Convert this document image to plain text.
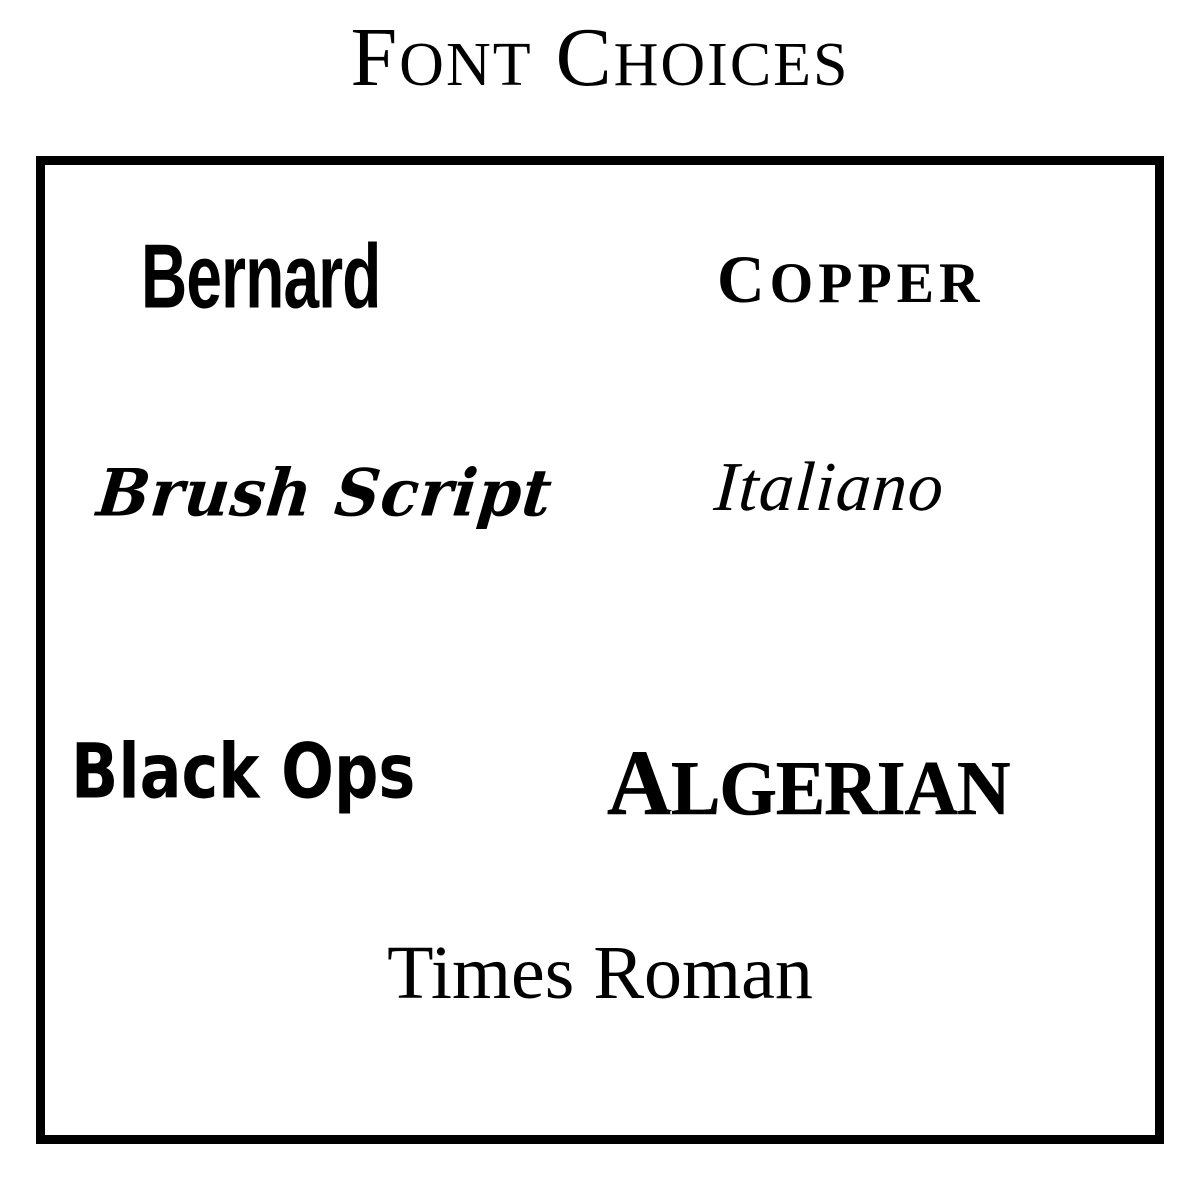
FONT CHOICES
Bernard	COPPER
Brush Script Italiano
Black Ops ALGERIAN
Times Roman
